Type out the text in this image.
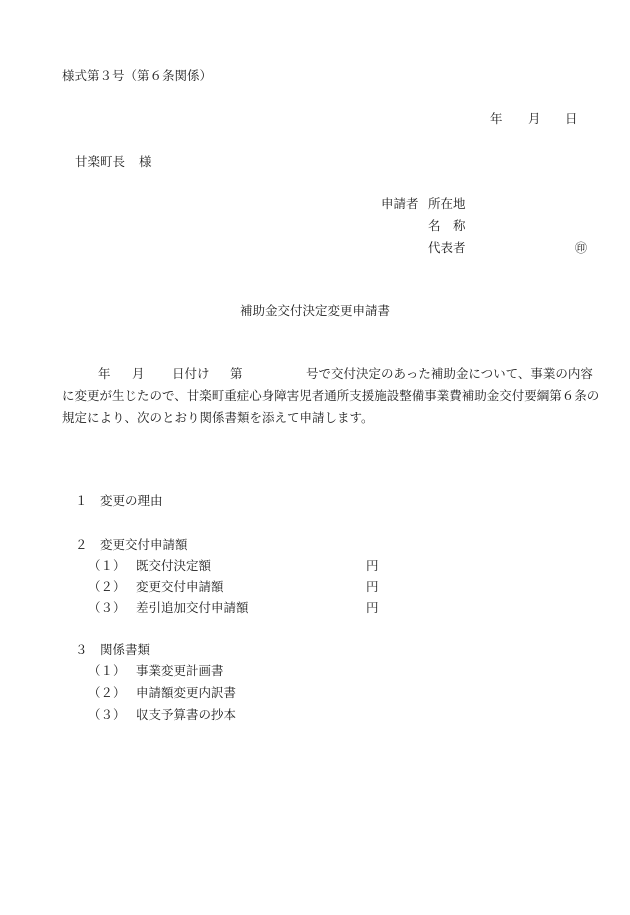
様式第３号（第６条関係）
年 月 日
甘楽町長 様
申請者 所在地
名　称
代表者	㊞
補助金交付決定変更申請書
年 月 日付け 第	号で交付決定のあった補助金について、事業の内容
に変更が生じたので、甘楽町重症心身障害児者通所支援施設整備事業費補助金交付要綱第６条の
規定により、次のとおり関係書類を添えて申請します。
１ 変更の理由
２ 変更交付申請額
（１） 既交付決定額	円
（２） 変更交付申請額	円
（３） 差引追加交付申請額	円
３ 関係書類
（１） 事業変更計画書
（２） 申請額変更内訳書
（３） 収支予算書の抄本
